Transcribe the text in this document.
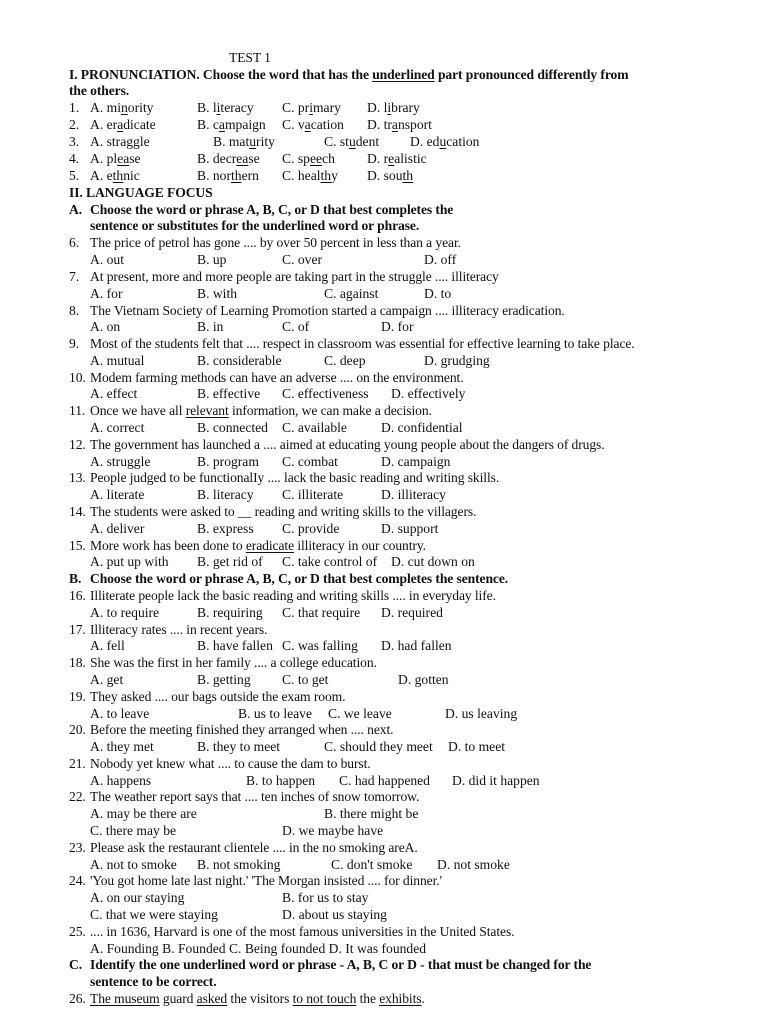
TEST 1
I. PRONUNCIATION. Choose the word that has the underlined part pronounced differently from
the others.
1. A. minority	B. literacy C. primary D. library
2. A. eradicate	B. campaign C. vacation D. transport
3. A. straggle	B. maturity	C. student D. education
4. A. please	B. decrease C. speech D. realistic
5. A. ethnic	B. northern C. healthy D. south
II. LANGUAGE FOCUS
A. Choose the word or phrase A, B, C, or D that best completes the
sentence or substitutes for the underlined word or phrase.
6. The price of petrol has gone .... by over 50 percent in less than a year.
A. out	B. up	C. over	D. off
7. At present, more and more people are taking part in the struggle .... illiteracy
A. for	B. with	C. against	D. to
8. The Vietnam Society of Learning Promotion started a campaign .... illiteracy eradication.
A. on	B. in	C. of	D. for
9. Most of the students felt that .... respect in classroom was essential for effective learning to take place.
A. mutual	B. considerable	C. deep	D. grudging
10. Modem farming methods can have an adverse .... on the environment.
A. effect	B. effective C. effectiveness D. effectively
11. Once we have all relevant information, we can make a decision.
A. correct	B. connected C. available	D. confidential
12. The government has launched a .... aimed at educating young people about the dangers of drugs.
A. struggle	B. program C. combat	D. campaign
13. People judged to be functionalIy .... lack the basic reading and writing skills.
A. literate	B. literacy C. illiterate	D. illiteracy
14. The students were asked to __ reading and writing skills to the villagers.
A. deliver	B. express C. provide	D. support
15. More work has been done to eradicate illiteracy in our country.
A. put up with B. get rid of C. take control of D. cut down on
B. Choose the word or phrase A, B, C, or D that best completes the sentence.
16. Illiterate people lack the basic reading and writing skills .... in everyday life.
A. to require	B. requiring C. that require D. required
17. Illiteracy rates .... in recent years.
A. fell	B. have fallen C. was falling D. had fallen
18. She was the first in her family .... a college education.
A. get	B. getting C. to get	D. gotten
19. They asked .... our bags outside the exam room.
A. to leave	B. us to leave C. we leave	D. us leaving
20. Before the meeting finished they arranged when .... next.
A. they met	B. they to meet	C. should they meet D. to meet
21. Nobody yet knew what .... to cause the dam to burst.
A. happens	B. to happen C. had happened D. did it happen
22. The weather report says that .... ten inches of snow tomorrow.
A. may be there are	B. there might be
C. there may be	D. we maybe have
23. Please ask the restaurant clientele .... in the no smoking areA.
A. not to smoke B. not smoking	C. don't smoke D. not smoke
24. 'You got home late last night.' 'The Morgan insisted .... for dinner.'
A. on our staying	B. for us to stay
C. that we were staying	D. about us staying
25. .... in 1636, Harvard is one of the most famous universities in the United States.
A. Founding B. Founded C. Being founded D. It was founded
C. Identify the one underlined word or phrase - A, B, C or D - that must be changed for the
sentence to be correct.
26. The museum guard asked the visitors to not touch the exhibits.
